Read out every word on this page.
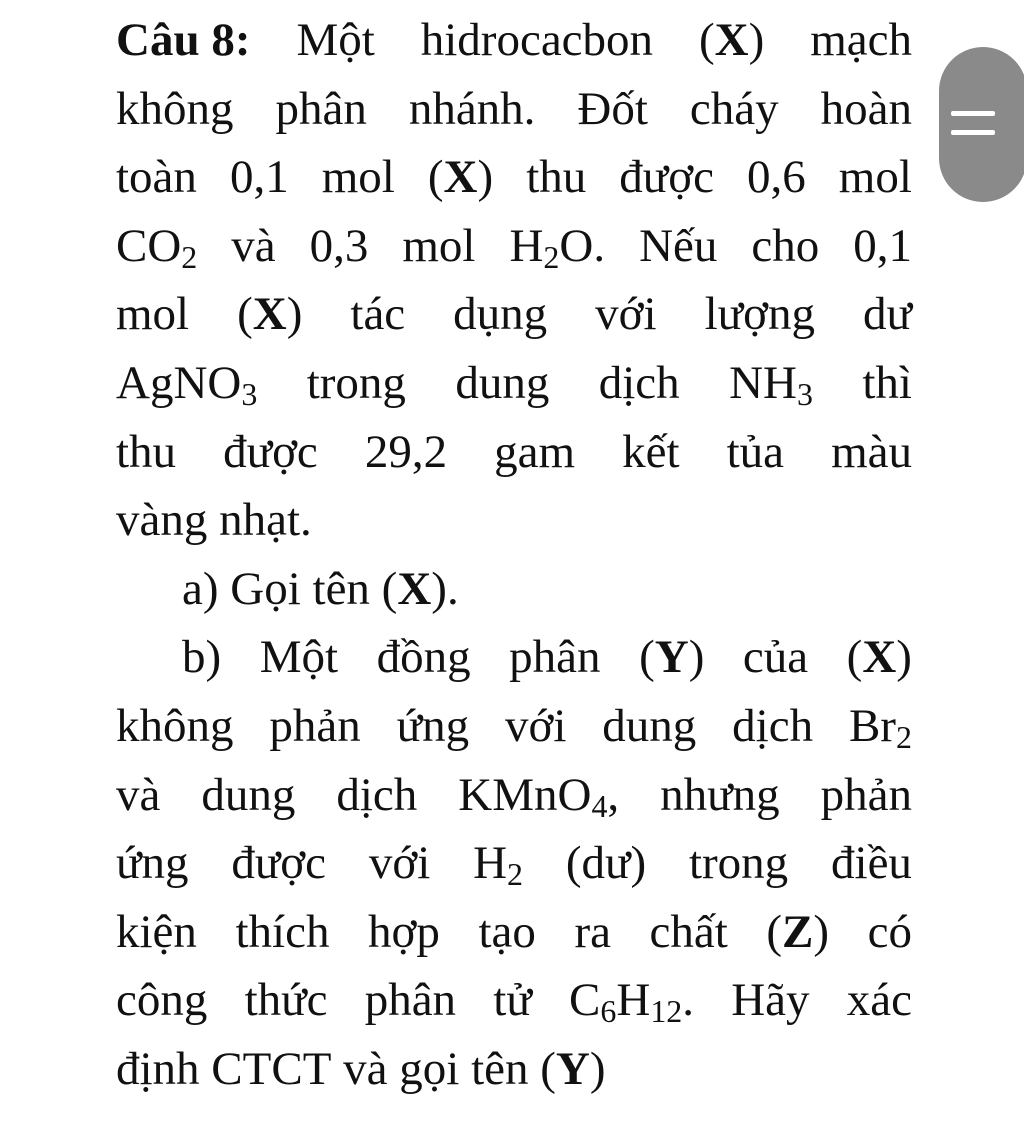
Câu 8: Một hidrocacbon (X) mạch
không phân nhánh. Đốt cháy hoàn
toàn 0,1 mol (X) thu được 0,6 mol
$CO_2$ và 0,3 mol $H_2O$. Nếu cho 0,1
mol (X) tác dụng với lượng dư
AgNO$_3$ trong dung dịch $NH_3$ thì
thu được 29,2 gam kết tủa màu
vàng nhạt.
a) Gọi tên (X).
b) Một đồng phân (Y) của (X)
không phản ứng với dung dịch $Br_2$
và dung dịch KMnO$_4$, nhưng phản
ứng được với $H_2$ (dư) trong điều
kiện thích hợp tạo ra chất (Z) có
công thức phân tử $C_6H_{12}$. Hãy xác
định CTCT và gọi tên (Y)
